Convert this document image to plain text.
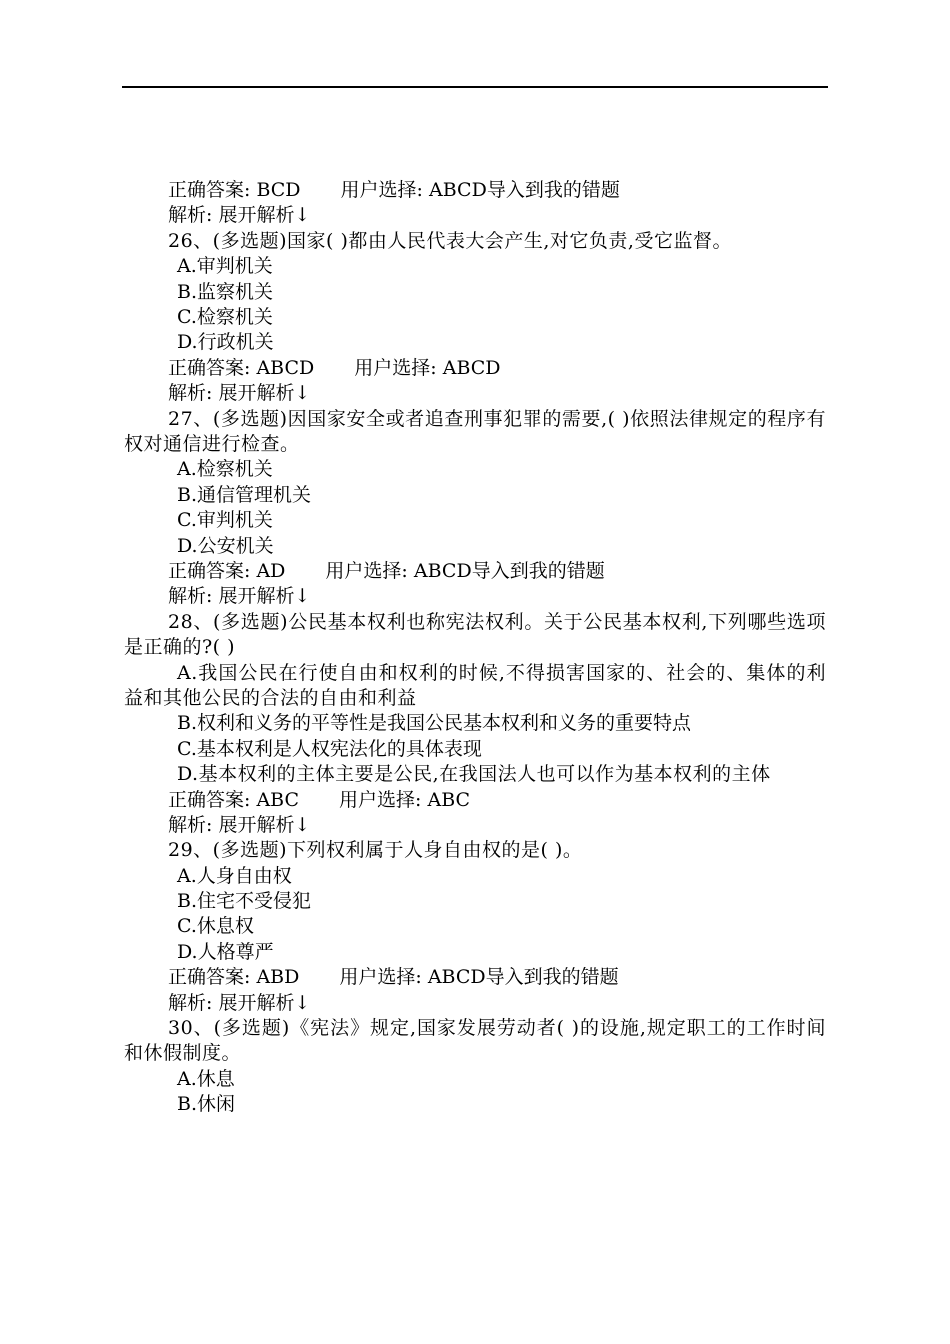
正确答案: BCD 用户选择: ABCD导入到我的错题
解析: 展开解析↓
26、(多选题)国家( )都由人民代表大会产生,对它负责,受它监督。
A.审判机关
B.监察机关
C.检察机关
D.行政机关
正确答案: ABCD 用户选择: ABCD
解析: 展开解析↓
27、(多选题)因国家安全或者追查刑事犯罪的需要,( )依照法律规定的程序有权对通信进行检查。
A.检察机关
B.通信管理机关
C.审判机关
D.公安机关
正确答案: AD 用户选择: ABCD导入到我的错题
解析: 展开解析↓
28、(多选题)公民基本权利也称宪法权利。关于公民基本权利,下列哪些选项是正确的?( )
A.我国公民在行使自由和权利的时候,不得损害国家的、社会的、集体的利益和其他公民的合法的自由和利益
B.权利和义务的平等性是我国公民基本权利和义务的重要特点
C.基本权利是人权宪法化的具体表现
D.基本权利的主体主要是公民,在我国法人也可以作为基本权利的主体
正确答案: ABC 用户选择: ABC
解析: 展开解析↓
29、(多选题)下列权利属于人身自由权的是( )。
A.人身自由权
B.住宅不受侵犯
C.休息权
D.人格尊严
正确答案: ABD 用户选择: ABCD导入到我的错题
解析: 展开解析↓
30、(多选题)《宪法》规定,国家发展劳动者( )的设施,规定职工的工作时间和休假制度。
A.休息
B.休闲
